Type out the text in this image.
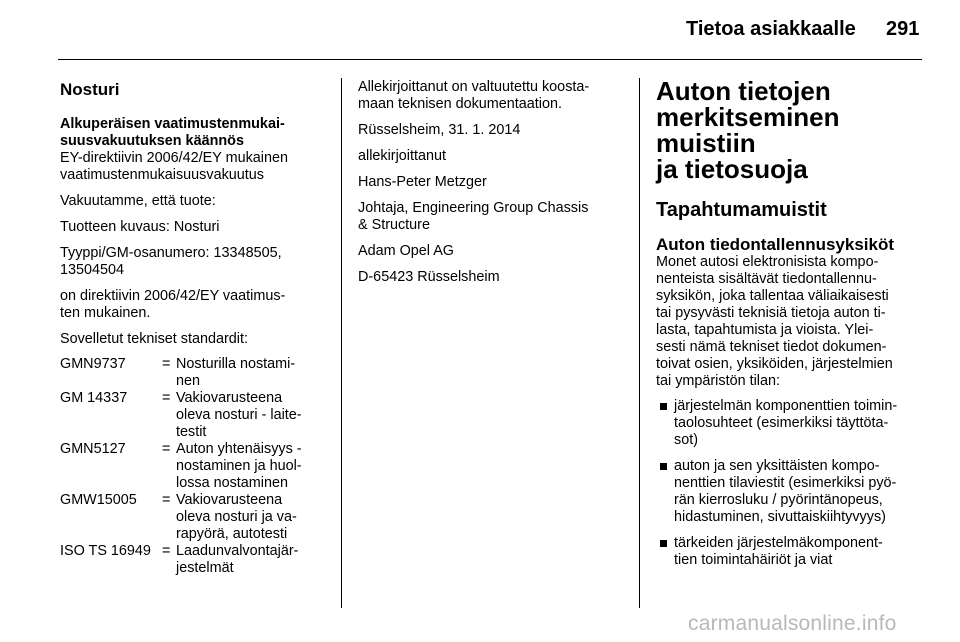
Tietoa asiakkaalle 291
Nosturi
Alkuperäisen vaatimustenmukai-
suusvakuutuksen käännös
EY-direktiivin 2006/42/EY mukainen
vaatimustenmukaisuusvakuutus
Vakuutamme, että tuote:
Tuotteen kuvaus: Nosturi
Tyyppi/GM-osanumero: 13348505,
13504504
on direktiivin 2006/42/EY vaatimus-
ten mukainen.
Sovelletut tekniset standardit:
GMN9737	=	Nosturilla nostami-
nen

GM 14337	=	Vakiovarusteena
oleva nosturi - laite-
testit

GMN5127	=	Auton yhtenäisyys -
nostaminen ja huol-
lossa nostaminen

GMW15005	=	Vakiovarusteena
oleva nosturi ja va-
rapyörä, autotesti

ISO TS 16949	=	Laadunvalvontajär-
jestelmät
Allekirjoittanut on valtuutettu koosta-
maan teknisen dokumentaation.
Rüsselsheim, 31. 1. 2014
allekirjoittanut
Hans-Peter Metzger
Johtaja, Engineering Group Chassis
& Structure
Adam Opel AG
D-65423 Rüsselsheim
Auton tietojen
merkitseminen muistiin
ja tietosuoja
Tapahtumamuistit
Auton tiedontallennusyksiköt
Monet autosi elektronisista kompo-
nenteista sisältävät tiedontallennu-
syksikön, joka tallentaa väliaikaisesti
tai pysyvästi teknisiä tietoja auton ti-
lasta, tapahtumista ja vioista. Ylei-
sesti nämä tekniset tiedot dokumen-
toivat osien, yksiköiden, järjestelmien
tai ympäristön tilan:
järjestelmän komponenttien toimin-
taolosuhteet (esimerkiksi täyttöta-
sot)
auton ja sen yksittäisten kompo-
nenttien tilaviestit (esimerkiksi pyö-
rän kierrosluku / pyörintänopeus,
hidastuminen, sivuttaiskiihtyvyys)
tärkeiden järjestelmäkomponent-
tien toimintahäiriöt ja viat
carmanualsonline.info
